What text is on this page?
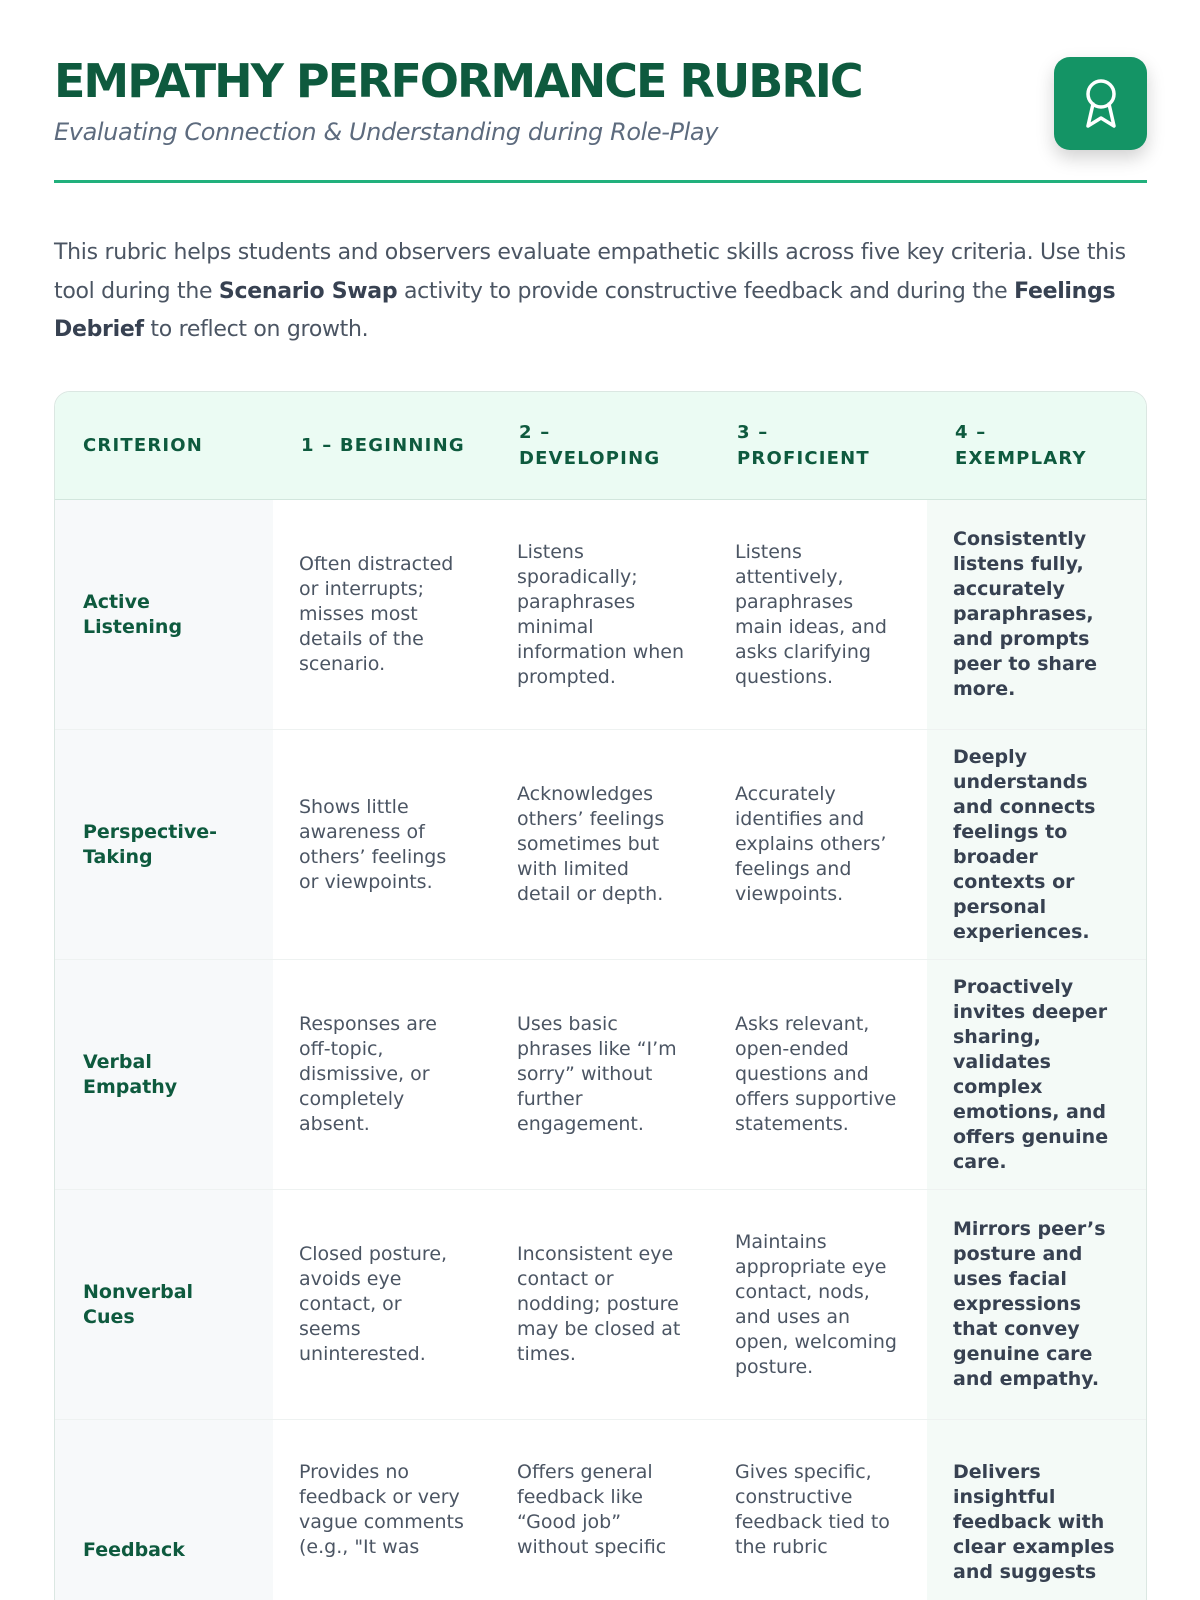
EMPATHY PERFORMANCE RUBRIC

Evaluating Connection & Understanding during Role-Play

This rubric helps students and observers evaluate empathetic skills across five key criteria. Use this tool during the Scenario Swap activity to provide constructive feedback and during the Feelings Debrief to reflect on growth.

CRITERION	1 – BEGINNING	2 – DEVELOPING	3 – PROFICIENT	4 – EXEMPLARY
Active Listening	Often distracted or interrupts; misses most details of the scenario.	Listens sporadically; paraphrases minimal information when prompted.	Listens attentively, paraphrases main ideas, and asks clarifying questions.	Consistently listens fully, accurately paraphrases, and prompts peer to share more.
Perspective-Taking	Shows little awareness of others’ feelings or viewpoints.	Acknowledges others’ feelings sometimes but with limited detail or depth.	Accurately identifies and explains others’ feelings and viewpoints.	Deeply understands and connects feelings to broader contexts or personal experiences.
Verbal Empathy	Responses are off-topic, dismissive, or completely absent.	Uses basic phrases like “I’m sorry” without further engagement.	Asks relevant, open-ended questions and offers supportive statements.	Proactively invites deeper sharing, validates complex emotions, and offers genuine care.
Nonverbal Cues	Closed posture, avoids eye contact, or seems uninterested.	Inconsistent eye contact or nodding; posture may be closed at times.	Maintains appropriate eye contact, nods, and uses an open, welcoming posture.	Mirrors peer’s posture and uses facial expressions that convey genuine care and empathy.
Feedback	Provides no feedback or very vague comments (e.g., "It was	Offers general feedback like “Good job” without specific	Gives specific, constructive feedback tied to the rubric	Delivers insightful feedback with clear examples and suggests
